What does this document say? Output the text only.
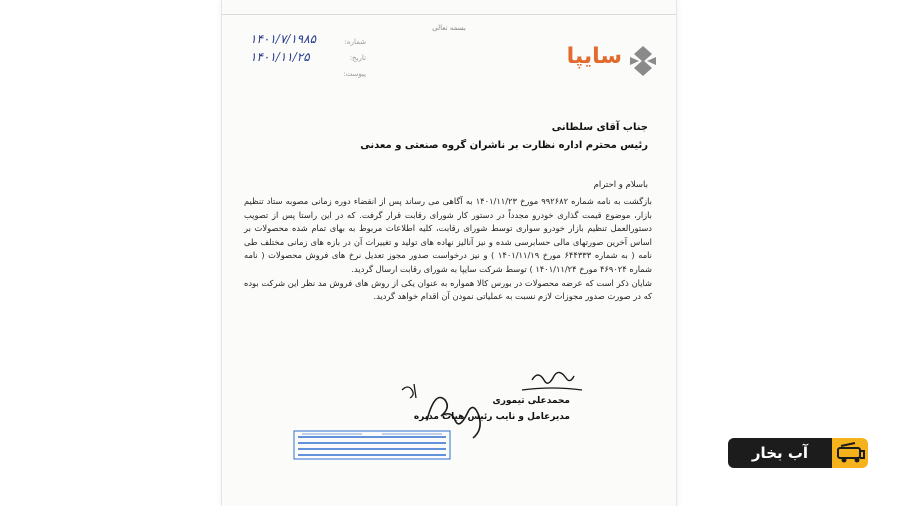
بسمه تعالی
شماره:
۱۴۰۱/۷/۱۹۸۵
تاریخ:
۱۴۰۱/۱۱/۲۵
پیوست:
سایپا
جناب آقای سلطانی
رئیس محترم اداره نظارت بر ناشران گروه صنعتی و معدنی
باسلام و احترام

بازگشت به نامه شماره ۹۹۲۶۸۲ مورخ ۱۴۰۱/۱۱/۲۳ به آگاهی می رساند پس از انقضاء دوره زمانی مصوبه ستاد تنظیم بازار، موضوع قیمت گذاری خودرو مجدداً در دستور کار شورای رقابت قرار گرفت. که در این راستا پس از تصویب دستورالعمل تنظیم بازار خودرو سواری توسط شورای رقابت، کلیه اطلاعات مربوط به بهای تمام شده محصولات بر اساس آخرین صورتهای مالی حسابرسی شده و نیز آنالیز نهاده های تولید و تغییرات آن در بازه های زمانی مختلف طی نامه ( به شماره ۶۴۴۳۳۳ مورخ ۱۴۰۱/۱۱/۱۹ ) و نیز درخواست صدور مجوز تعدیل نرخ های فروش محصولات ( نامه شماره ۴۶۹۰۲۴ مورخ ۱۴۰۱/۱۱/۲۴ ) توسط شرکت سایپا به شورای رقابت ارسال گردید.

شایان ذکر است که عرضه محصولات در بورس کالا همواره به عنوان یکی از روش های فروش مد نظر این شرکت بوده که در صورت صدور مجوزات لازم نسبت به عملیاتی نمودن آن اقدام خواهد گردید.

محمدعلی تیموری
مدیرعامل و نایب رئیس هیات مدیره
آب بخار
